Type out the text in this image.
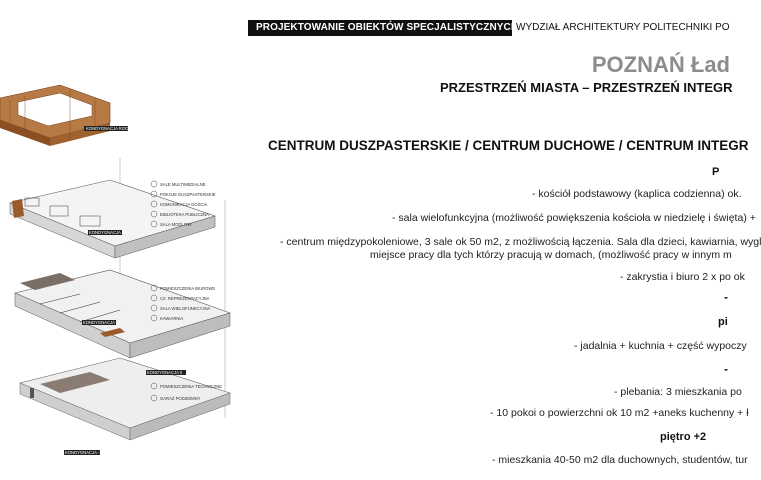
PROJEKTOWANIE OBIEKTÓW SPECJALISTYCZNYCH
WYDZIAŁ ARCHITEKTURY POLITECHNIKI PO
POZNAŃ Ład
PRZESTRZEŃ MIASTA – PRZESTRZEŃ INTEGR
CENTRUM DUSZPASTERSKIE / CENTRUM DUCHOWE / CENTRUM INTEGR
P
- kościół podstawowy (kaplica codzienna) ok.
- sala wielofunkcyjna (możliwość powiększenia kościoła w niedzielę i święta) +
- centrum międzypokoleniowe, 3 sale ok 50 m2, z możliwością łączenia. Sala dla dzieci, kawiarnia, wygl
miejsce pracy dla tych którzy pracują w domach, (możliwość pracy w innym m
- zakrystia i biuro 2 x po ok
-
pi
- jadalnia + kuchnia + część wypoczy
-
- plebania: 3 mieszkania po
- 10 pokoi o powierzchni ok 10 m2 +aneks kuchenny + ł
piętro +2
- mieszkania 40-50 m2 dla duchownych, studentów, tur
KONDYGNACJA ROOFTOP
KONDYGNACJA +2
KONDYGNACJA +1
KONDYGNACJA 0
KONDYGNACJA -1
SALE MULTIMEDIALNE
POKOJE DUSZPASTERSKIE
KOMUNIKACJA GOŚCIA
BIBLIOTEKA PUBLICZNA
SALA MODLITW
POMIESZCZENIA BIUROWE
CZ. REPREZENTACYJNA
SALA WIELOFUNKCYJNA
KAWIARNIA
POMIESZCZENIA TECHNICZNE
GARAŻ PODZIEMNY
